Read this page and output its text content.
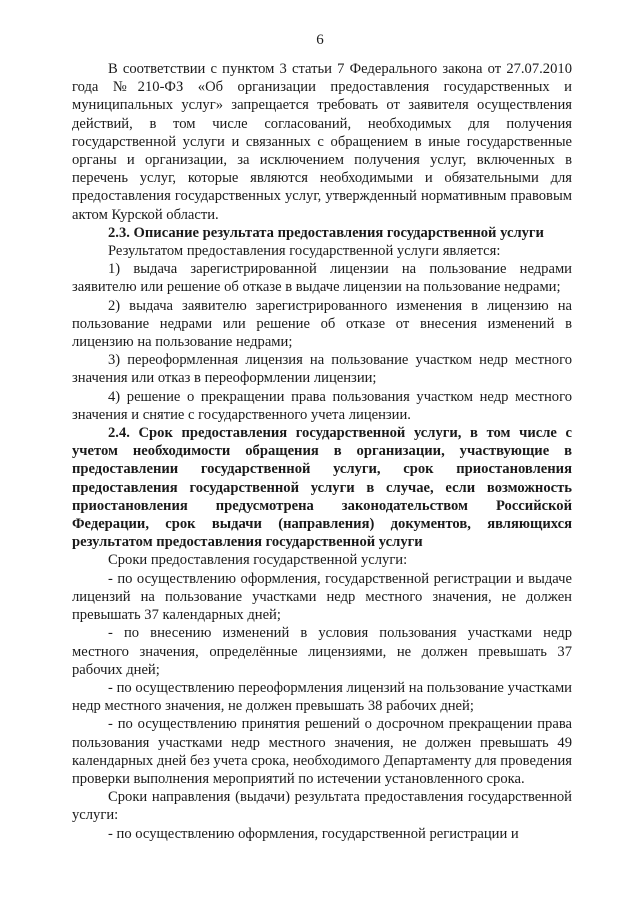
6

В соответствии с пунктом 3 статьи 7 Федерального закона от 27.07.2010 года №210-ФЗ «Об организации предоставления государственных и муниципальных услуг» запрещается требовать от заявителя осуществления действий, в том числе согласований, необходимых для получения государственной услуги и связанных с обращением в иные государственные органы и организации, за исключением получения услуг, включенных в перечень услуг, которые являются необходимыми и обязательными для предоставления государственных услуг, утвержденный нормативным правовым актом Курской области.

2.3. Описание результата предоставления государственной услуги

Результатом предоставления государственной услуги является:

1) выдача зарегистрированной лицензии на пользование недрами заявителю или решение об отказе в выдаче лицензии на пользование недрами;

2) выдача заявителю зарегистрированного изменения в лицензию на пользование недрами или решение об отказе от внесения изменений в лицензию на пользование недрами;

3) переоформленная лицензия на пользование участком недр местного значения или отказ в переоформлении лицензии;

4) решение о прекращении права пользования участком недр местного значения и снятие с государственного учета лицензии.

2.4. Срок предоставления государственной услуги, в том числе с учетом необходимости обращения в организации, участвующие в предоставлении государственной услуги, срок приостановления предоставления государственной услуги в случае, если возможность приостановления предусмотрена законодательством Российской Федерации, срок выдачи (направления) документов, являющихся результатом предоставления государственной услуги

Сроки предоставления государственной услуги:

- по осуществлению оформления, государственной регистрации и выдаче лицензий на пользование участками недр местного значения, не должен превышать 37 календарных дней;

- по внесению изменений в условия пользования участками недр местного значения, определённые лицензиями, не должен превышать 37 рабочих дней;

- по осуществлению переоформления лицензий на пользование участками недр местного значения, не должен превышать 38 рабочих дней;

- по осуществлению принятия решений о досрочном прекращении права пользования участками недр местного значения, не должен превышать 49 календарных дней без учета срока, необходимого Департаменту для проведения проверки выполнения мероприятий по истечении установленного срока.

Сроки направления (выдачи) результата предоставления государственной услуги:

- по осуществлению оформления, государственной регистрации и
